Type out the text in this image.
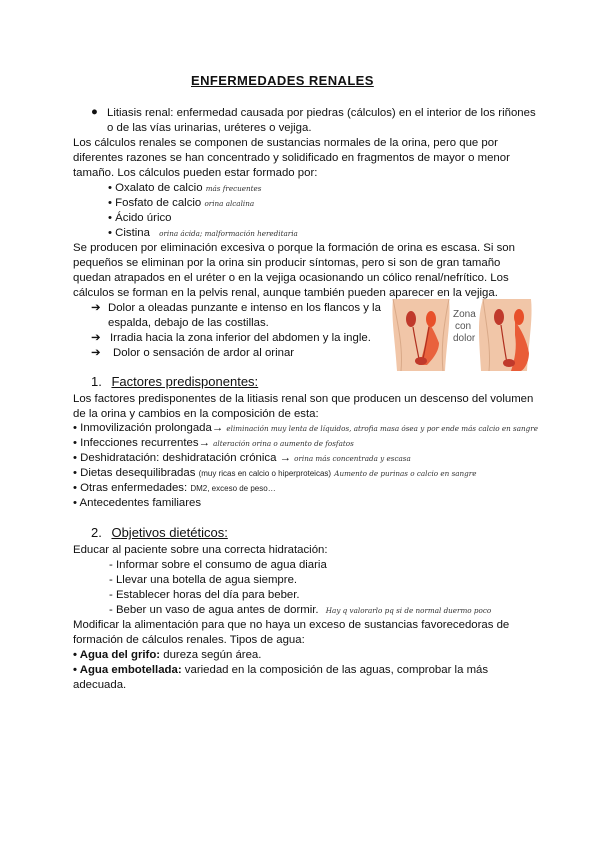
ENFERMEDADES RENALES
● Litiasis renal: enfermedad causada por piedras (cálculos) en el interior de los riñones
o de las vías urinarias, uréteres o vejiga.
Los cálculos renales se componen de sustancias normales de la orina, pero que por
diferentes razones se han concentrado y solidificado en fragmentos de mayor o menor
tamaño. Los cálculos pueden estar formado por:
• Oxalato de calcio más frecuentes
• Fosfato de calcio orina alcalina
• Ácido úrico
• Cistina orina ácida; malformación hereditaria
Se producen por eliminación excesiva o porque la formación de orina es escasa. Si son
pequeños se eliminan por la orina sin producir síntomas, pero si son de gran tamaño
quedan atrapados en el uréter o en la vejiga ocasionando un cólico renal/nefrítico. Los
cálculos se forman en la pelvis renal, aunque también pueden aparecer en la vejiga.
➔ Dolor a oleadas punzante e intenso en los flancos y la
espalda, debajo de las costillas.
➔ Irradia hacia la zona inferior del abdomen y la ingle.
➔ Dolor o sensación de ardor al orinar
Zona
con
dolor
1. Factores predisponentes:
Los factores predisponentes de la litiasis renal son que producen un descenso del volumen
de la orina y cambios en la composición de esta:
• Inmovilización prolongada→ eliminación muy lenta de líquidos, atrofia masa ósea y por ende más calcio en sangre
• Infecciones recurrentes→ alteración orina o aumento de fosfatos
• Deshidratación: deshidratación crónica → orina más concentrada y escasa
• Dietas desequilibradas (muy ricas en calcio o hiperproteicas) Aumento de purinas o calcio en sangre
• Otras enfermedades: DM2, exceso de peso…
• Antecedentes familiares
2. Objetivos dietéticos:
Educar al paciente sobre una correcta hidratación:
- Informar sobre el consumo de agua diaria
- Llevar una botella de agua siempre.
- Establecer horas del día para beber.
- Beber un vaso de agua antes de dormir. Hay q valorarlo pq si de normal duermo poco
Modificar la alimentación para que no haya un exceso de sustancias favorecedoras de
formación de cálculos renales. Tipos de agua:
• Agua del grifo: dureza según área.
• Agua embotellada: variedad en la composición de las aguas, comprobar la más
adecuada.
